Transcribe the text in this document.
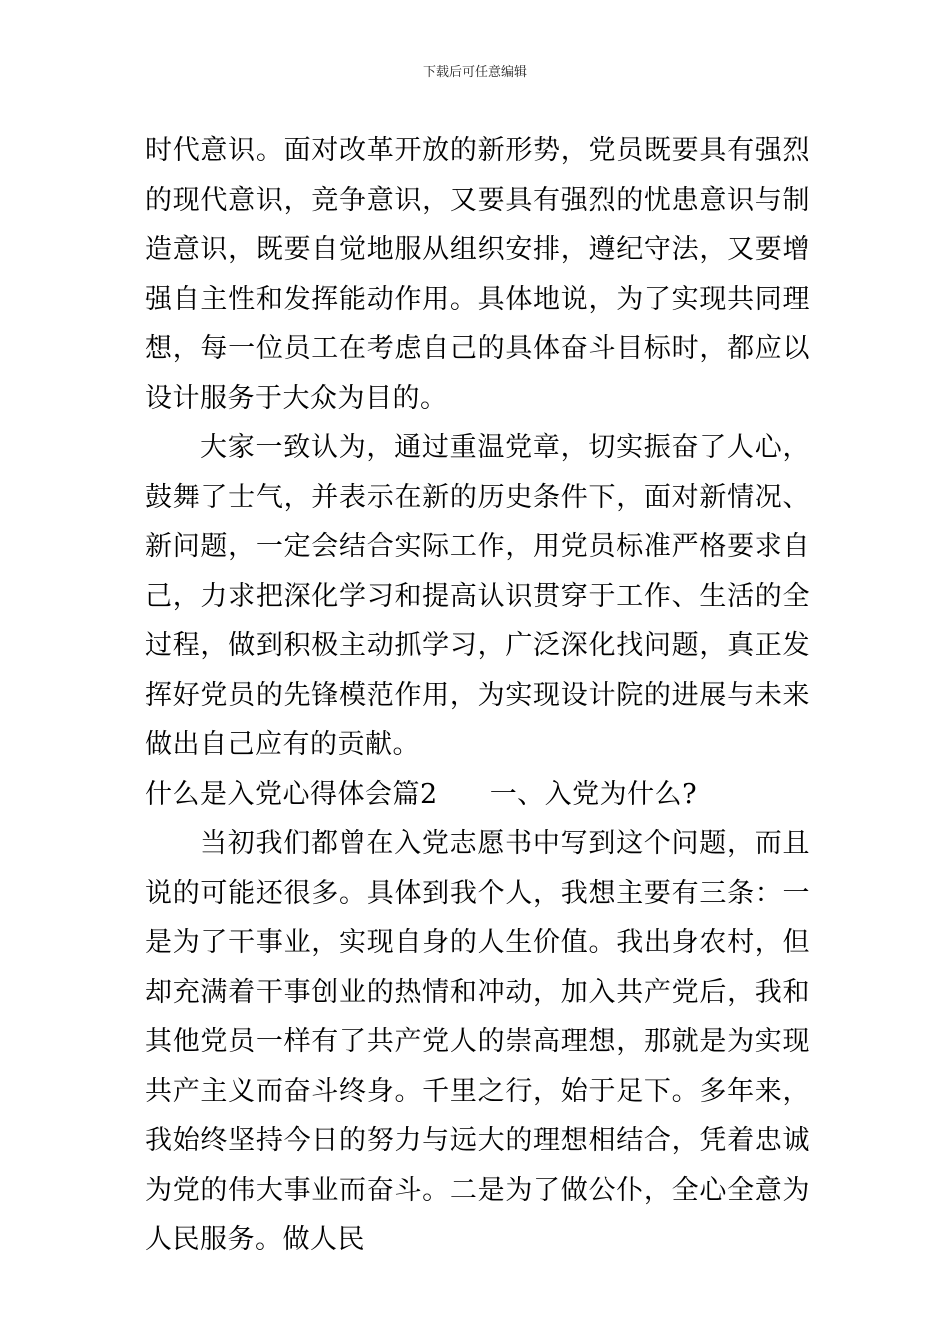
下载后可任意编辑

时代意识。面对改革开放的新形势，党员既要具有强烈的现代意识，竞争意识，又要具有强烈的忧患意识与制造意识，既要自觉地服从组织安排，遵纪守法，又要增强自主性和发挥能动作用。具体地说，为了实现共同理想，每一位员工在考虑自己的具体奋斗目标时，都应以设计服务于大众为目的。

大家一致认为，通过重温党章，切实振奋了人心，鼓舞了士气，并表示在新的历史条件下，面对新情况、新问题，一定会结合实际工作，用党员标准严格要求自己，力求把深化学习和提高认识贯穿于工作、生活的全过程，做到积极主动抓学习，广泛深化找问题，真正发挥好党员的先锋模范作用，为实现设计院的进展与未来做出自己应有的贡献。

什么是入党心得体会篇2 一、入党为什么?

当初我们都曾在入党志愿书中写到这个问题，而且说的可能还很多。具体到我个人，我想主要有三条：一是为了干事业，实现自身的人生价值。我出身农村，但却充满着干事创业的热情和冲动，加入共产党后，我和其他党员一样有了共产党人的崇高理想，那就是为实现共产主义而奋斗终身。千里之行，始于足下。多年来，我始终坚持今日的努力与远大的理想相结合，凭着忠诚为党的伟大事业而奋斗。二是为了做公仆，全心全意为人民服务。做人民
